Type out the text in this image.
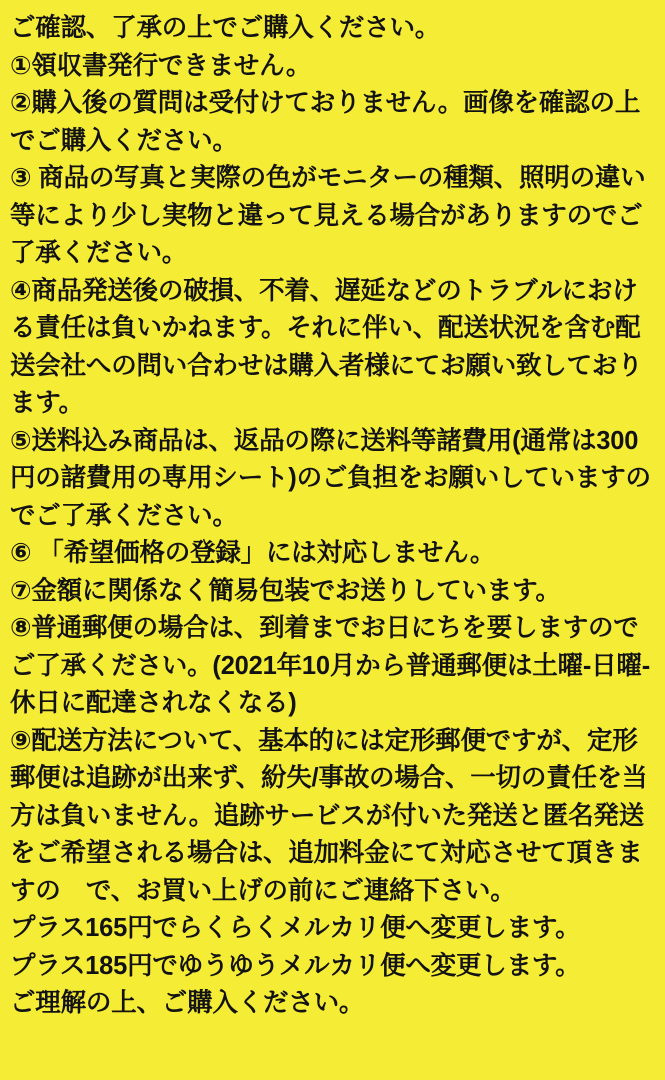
ご確認、了承の上でご購入ください。
①領収書発行できません。
②購入後の質問は受付けておりません。画像を確認の上でご購入ください。
③ 商品の写真と実際の色がモニターの種類、照明の違い等により少し実物と違って見える場合がありますのでご了承ください。
④商品発送後の破損、不着、遅延などのトラブルにおける責任は負いかねます。それに伴い、配送状況を含む配送会社への問い合わせは購入者様にてお願い致しております。
⑤送料込み商品は、返品の際に送料等諸費用(通常は300円の諸費用の専用シート)のご負担をお願いしていますのでご了承ください。
⑥ 「希望価格の登録」には対応しません。
⑦金額に関係なく簡易包装でお送りしています。
⑧普通郵便の場合は、到着までお日にちを要しますのでご了承ください。(2021年10月から普通郵便は土曜-日曜-休日に配達されなくなる)
⑨配送方法について、基本的には定形郵便ですが、定形郵便は追跡が出来ず、紛失/事故の場合、一切の責任を当方は負いません。追跡サービスが付いた発送と匿名発送をご希望される場合は、追加料金にて対応させて頂きますの　で、お買い上げの前にご連絡下さい。
プラス165円でらくらくメルカリ便へ変更します。
プラス185円でゆうゆうメルカリ便へ変更します。
ご理解の上、ご購入ください。
